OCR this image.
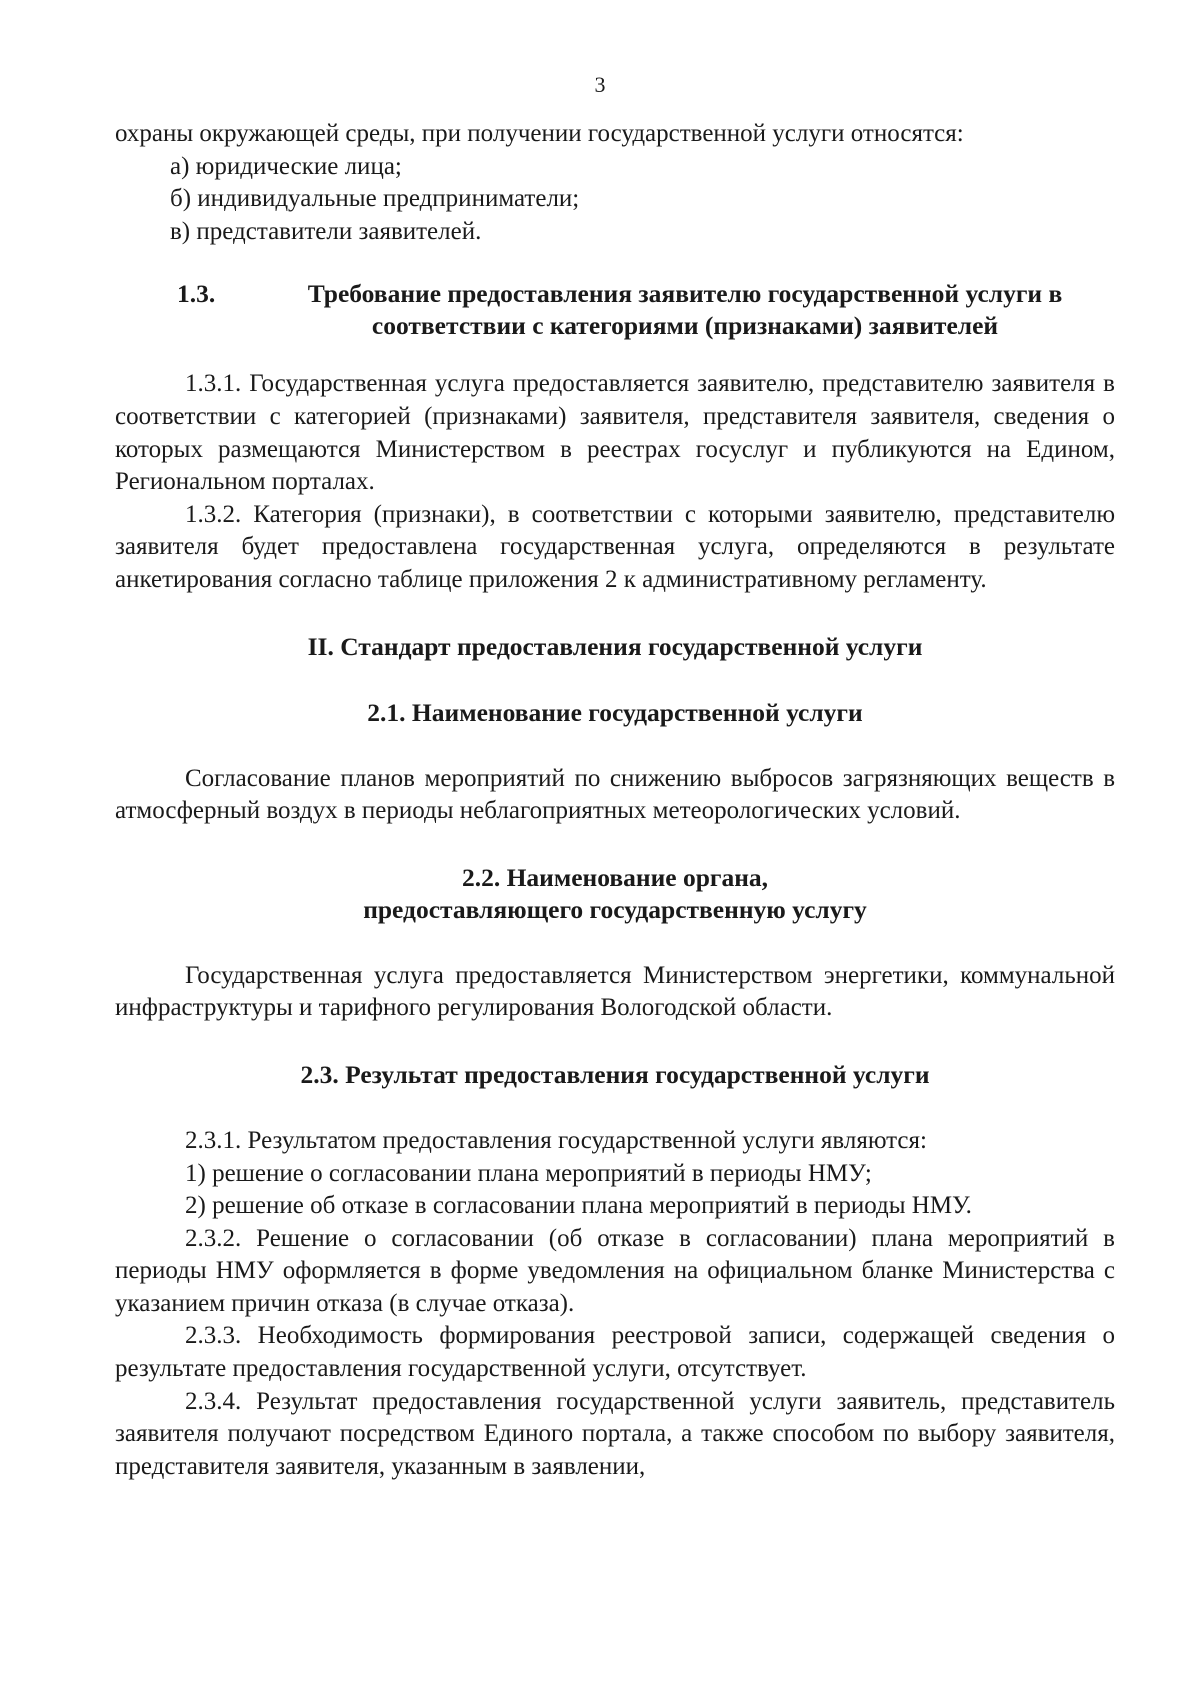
3

охраны окружающей среды, при получении государственной услуги относятся:

а) юридические лица;

б) индивидуальные предприниматели;

в) представители заявителей.

1.3.	Требование предоставления заявителю государственной услуги в соответствии с категориями (признаками) заявителей

1.3.1. Государственная услуга предоставляется заявителю, представителю заявителя в соответствии с категорией (признаками) заявителя, представителя заявителя, сведения о которых размещаются Министерством в реестрах госуслуг и публикуются на Едином, Региональном порталах.

1.3.2. Категория (признаки), в соответствии с которыми заявителю, представителю заявителя будет предоставлена государственная услуга, определяются в результате анкетирования согласно таблице приложения 2 к административному регламенту.

II. Стандарт предоставления государственной услуги

2.1. Наименование государственной услуги

Согласование планов мероприятий по снижению выбросов загрязняющих веществ в атмосферный воздух в периоды неблагоприятных метеорологических условий.

2.2. Наименование органа,

предоставляющего государственную услугу

Государственная услуга предоставляется Министерством энергетики, коммунальной инфраструктуры и тарифного регулирования Вологодской области.

2.3. Результат предоставления государственной услуги

2.3.1. Результатом предоставления государственной услуги являются:

1) решение о согласовании плана мероприятий в периоды НМУ;

2) решение об отказе в согласовании плана мероприятий в периоды НМУ.

2.3.2. Решение о согласовании (об отказе в согласовании) плана мероприятий в периоды НМУ оформляется в форме уведомления на официальном бланке Министерства с указанием причин отказа (в случае отказа).

2.3.3. Необходимость формирования реестровой записи, содержащей сведения о результате предоставления государственной услуги, отсутствует.

2.3.4. Результат предоставления государственной услуги заявитель, представитель заявителя получают посредством Единого портала, а также способом по выбору заявителя, представителя заявителя, указанным в заявлении,
